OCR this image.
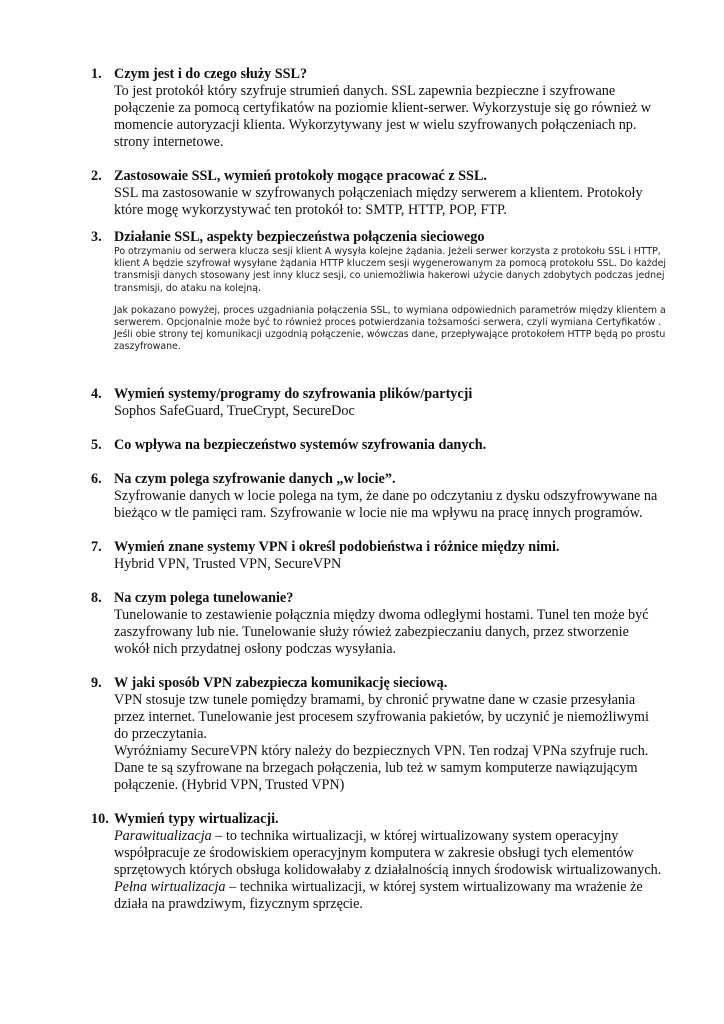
1. Czym jest i do czego służy SSL?
To jest protokół który szyfruje strumień danych. SSL zapewnia bezpieczne i szyfrowane połączenie za pomocą certyfikatów na poziomie klient-serwer. Wykorzystuje się go również w momencie autoryzacji klienta. Wykorzytywany jest w wielu szyfrowanych połączeniach np. strony internetowe.
2. Zastosowaie SSL, wymień protokoły mogące pracować z SSL.
SSL ma zastosowanie w szyfrowanych połączeniach między serwerem a klientem. Protokoły które mogę wykorzystywać ten protokół to: SMTP, HTTP, POP, FTP.
3. Działanie SSL, aspekty bezpieczeństwa połączenia sieciowego

Po otrzymaniu od serwera klucza sesji klient A wysyła kolejne żądania. Jeżeli serwer korzysta z protokołu SSL i HTTP, klient A będzie szyfrował wysyłane żądania HTTP kluczem sesji wygenerowanym za pomocą protokołu SSL. Do każdej transmisji danych stosowany jest inny klucz sesji, co uniemożliwia hakerowi użycie danych zdobytych podczas jednej transmisji, do ataku na kolejną.

Jak pokazano powyżej, proces uzgadniania połączenia SSL, to wymiana odpowiednich parametrów między klientem a serwerem. Opcjonalnie może być to również proces potwierdzania tożsamości serwera, czyli wymiana Certyfikatów . Jeśli obie strony tej komunikacji uzgodnią połączenie, wówczas dane, przepływające protokołem HTTP będą po prostu zaszyfrowane.

4. Wymień systemy/programy do szyfrowania plików/partycji
Sophos SafeGuard, TrueCrypt, SecureDoc
5. Co wpływa na bezpieczeństwo systemów szyfrowania danych.
6. Na czym polega szyfrowanie danych „w locie”.
Szyfrowanie danych w locie polega na tym, że dane po odczytaniu z dysku odszyfrowywane na bieżąco w tle pamięci ram. Szyfrowanie w locie nie ma wpływu na pracę innych programów.
7. Wymień znane systemy VPN i określ podobieństwa i różnice między nimi.
Hybrid VPN, Trusted VPN, SecureVPN
8. Na czym polega tunelowanie?
Tunelowanie to zestawienie połącznia między dwoma odległymi hostami. Tunel ten może być zaszyfrowany lub nie. Tunelowanie służy rówież zabezpieczaniu danych, przez stworzenie wokół nich przydatnej osłony podczas wysyłania.
9. W jaki sposób VPN zabezpiecza komunikację sieciową.

VPN stosuje tzw tunele pomiędzy bramami, by chronić prywatne dane w czasie przesyłania przez internet. Tunelowanie jest procesem szyfrowania pakietów, by uczynić je niemożliwymi do przeczytania.

Wyróżniamy SecureVPN który należy do bezpiecznych VPN. Ten rodzaj VPNa szyfruje ruch. Dane te są szyfrowane na brzegach połączenia, lub też w samym komputerze nawiązującym połączenie. (Hybrid VPN, Trusted VPN)

10. Wymień typy wirtualizacji.

Parawitualizacja – to technika wirtualizacji, w której wirtualizowany system operacyjny współpracuje ze środowiskiem operacyjnym komputera w zakresie obsługi tych elementów sprzętowych których obsługa kolidowałaby z działalnością innych środowisk wirtualizowanych.

Pełna wirtualizacja – technika wirtualizacji, w której system wirtualizowany ma wrażenie że działa na prawdziwym, fizycznym sprzęcie.
